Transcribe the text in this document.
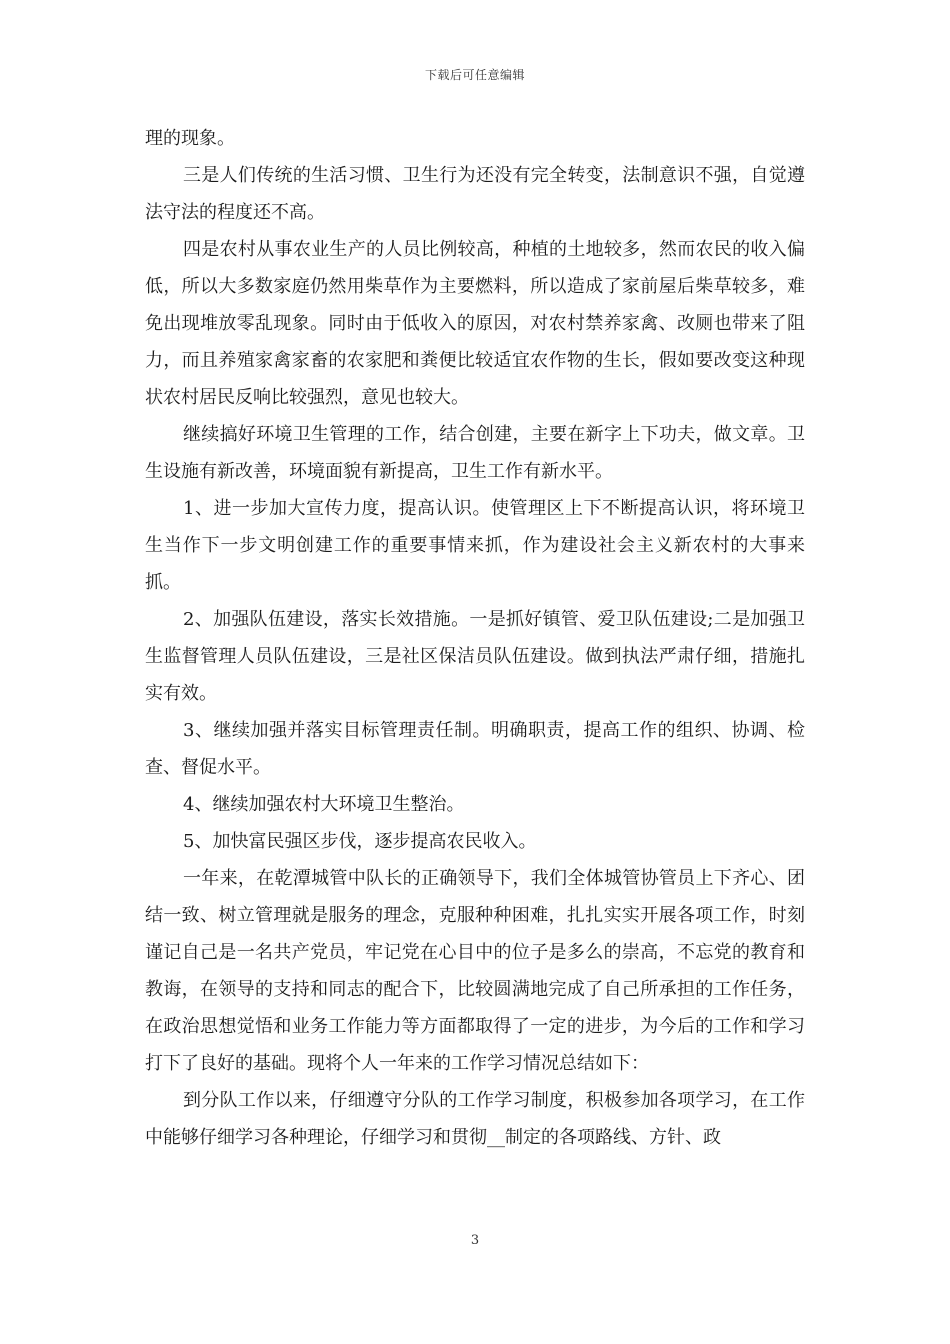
下载后可任意编辑

理的现象。

三是人们传统的生活习惯、卫生行为还没有完全转变，法制意识不强，自觉遵法守法的程度还不高。

四是农村从事农业生产的人员比例较高，种植的土地较多，然而农民的收入偏低，所以大多数家庭仍然用柴草作为主要燃料，所以造成了家前屋后柴草较多，难免出现堆放零乱现象。同时由于低收入的原因，对农村禁养家禽、改厕也带来了阻力，而且养殖家禽家畜的农家肥和粪便比较适宜农作物的生长，假如要改变这种现状农村居民反响比较强烈，意见也较大。

继续搞好环境卫生管理的工作，结合创建，主要在新字上下功夫，做文章。卫生设施有新改善，环境面貌有新提高，卫生工作有新水平。

1、进一步加大宣传力度，提高认识。使管理区上下不断提高认识，将环境卫生当作下一步文明创建工作的重要事情来抓，作为建设社会主义新农村的大事来抓。

2、加强队伍建设，落实长效措施。一是抓好镇管、爱卫队伍建设;二是加强卫生监督管理人员队伍建设，三是社区保洁员队伍建设。做到执法严肃仔细，措施扎实有效。

3、继续加强并落实目标管理责任制。明确职责，提高工作的组织、协调、检查、督促水平。

4、继续加强农村大环境卫生整治。

5、加快富民强区步伐，逐步提高农民收入。

一年来，在乾潭城管中队长的正确领导下，我们全体城管协管员上下齐心、团结一致、树立管理就是服务的理念，克服种种困难，扎扎实实开展各项工作，时刻谨记自己是一名共产党员，牢记党在心目中的位子是多么的崇高，不忘党的教育和教诲，在领导的支持和同志的配合下，比较圆满地完成了自己所承担的工作任务，在政治思想觉悟和业务工作能力等方面都取得了一定的进步，为今后的工作和学习打下了良好的基础。现将个人一年来的工作学习情况总结如下：

到分队工作以来，仔细遵守分队的工作学习制度，积极参加各项学习，在工作中能够仔细学习各种理论，仔细学习和贯彻__制定的各项路线、方针、政

3
